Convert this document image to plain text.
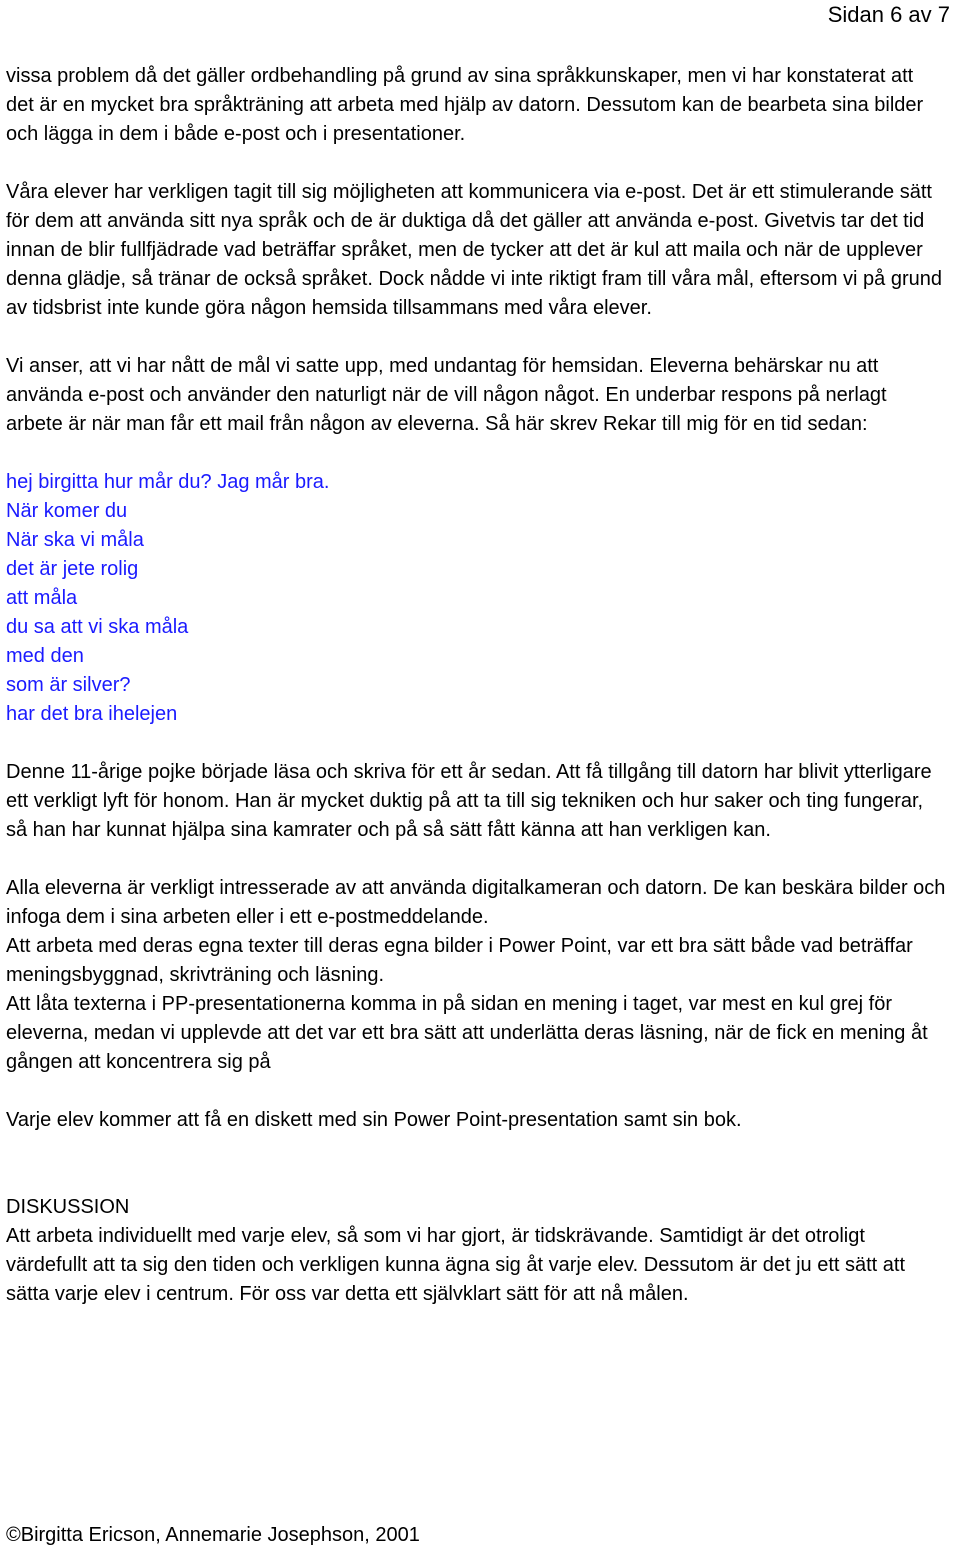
Sidan 6 av 7

vissa problem då det gäller ordbehandling på grund av sina språkkunskaper, men vi har konstaterat att det är en mycket bra språkträning att arbeta med hjälp av datorn. Dessutom kan de bearbeta sina bilder och lägga in dem i både e-post och i presentationer.

Våra elever har verkligen tagit till sig möjligheten att kommunicera via e-post. Det är ett stimulerande sätt för dem att använda sitt nya språk och de är duktiga då det gäller att använda e-post. Givetvis tar det tid innan de blir fullfjädrade vad beträffar språket, men de tycker att det är kul att maila och när de upplever denna glädje, så tränar de också språket. Dock nådde vi inte riktigt fram till våra mål, eftersom vi på grund av tidsbrist inte kunde göra någon hemsida tillsammans med våra elever.

Vi anser, att vi har nått de mål vi satte upp, med undantag för hemsidan. Eleverna behärskar nu att använda e-post och använder den naturligt när de vill någon något. En underbar respons på nerlagt arbete är när man får ett mail från någon av eleverna. Så här skrev Rekar till mig för en tid sedan:

hej birgitta hur mår du? Jag mår bra.
När komer du
När ska vi måla
det är jete rolig
att måla
du sa att vi ska måla
med den
som är silver?
har det bra ihelejen

Denne 11-årige pojke började läsa och skriva för ett år sedan. Att få tillgång till datorn har blivit ytterligare ett verkligt lyft för honom. Han är mycket duktig på att ta till sig tekniken och hur saker och ting fungerar, så han har kunnat hjälpa sina kamrater och på så sätt fått känna att han verkligen kan.

Alla eleverna är verkligt intresserade av att använda digitalkameran och datorn. De kan beskära bilder och infoga dem i sina arbeten eller i ett e-postmeddelande.

Att arbeta med deras egna texter till deras egna bilder i Power Point, var ett bra sätt både vad beträffar meningsbyggnad, skrivträning och läsning.

Att låta texterna i PP-presentationerna komma in på sidan en mening i taget, var mest en kul grej för eleverna, medan vi upplevde att det var ett bra sätt att underlätta deras läsning, när de fick en mening åt gången att koncentrera sig på

Varje elev kommer att få en diskett med sin Power Point-presentation samt sin bok.

DISKUSSION

Att arbeta individuellt med varje elev, så som vi har gjort, är tidskrävande. Samtidigt är det otroligt värdefullt att ta sig den tiden och verkligen kunna ägna sig åt varje elev. Dessutom är det ju ett sätt att sätta varje elev i centrum. För oss var detta ett självklart sätt för att nå målen.

©Birgitta Ericson, Annemarie Josephson, 2001
